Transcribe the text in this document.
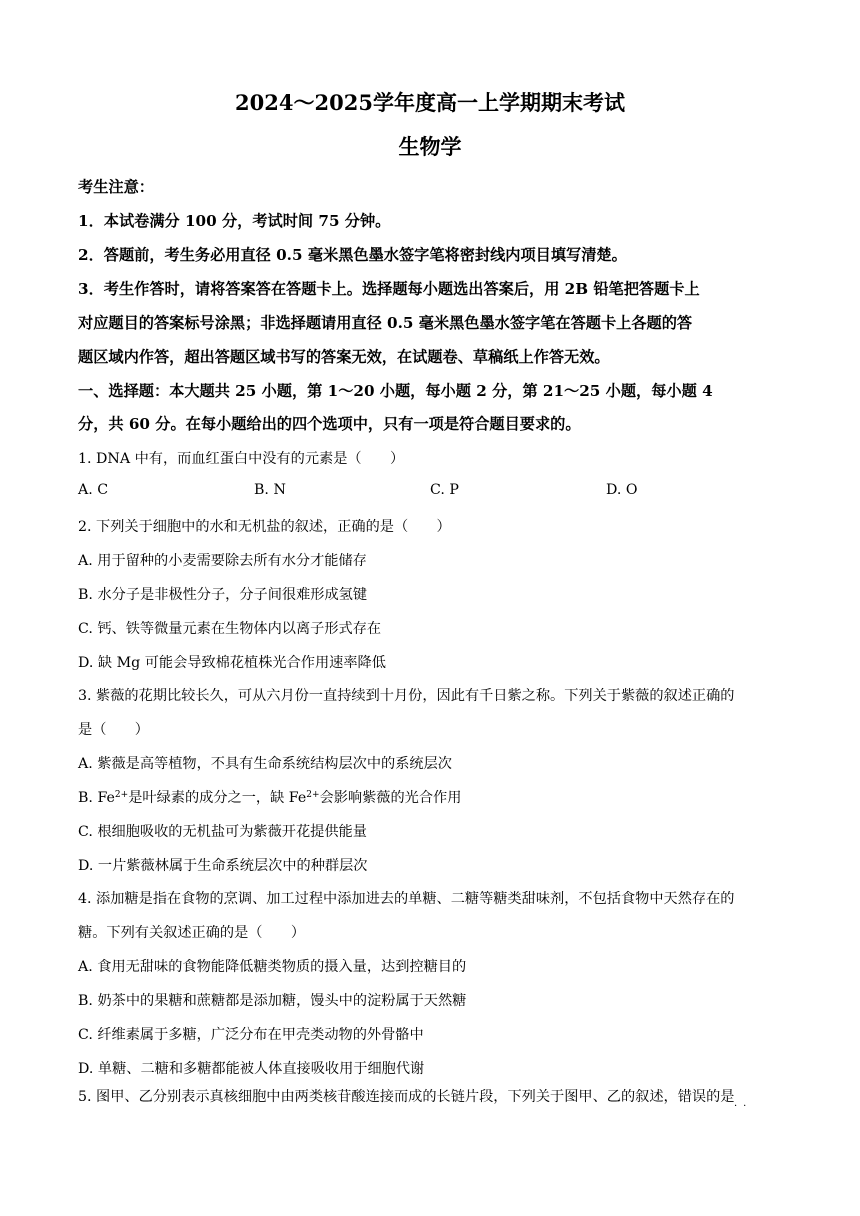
2024～2025学年度高一上学期期末考试
生物学
考生注意：
1．本试卷满分 100 分，考试时间 75 分钟。
2．答题前，考生务必用直径 0.5 毫米黑色墨水签字笔将密封线内项目填写清楚。
3．考生作答时，请将答案答在答题卡上。选择题每小题选出答案后，用 2B 铅笔把答题卡上
对应题目的答案标号涂黑；非选择题请用直径 0.5 毫米黑色墨水签字笔在答题卡上各题的答
题区域内作答，超出答题区域书写的答案无效，在试题卷、草稿纸上作答无效。
一、选择题：本大题共 25 小题，第 1～20 小题，每小题 2 分，第 21～25 小题，每小题 4
分，共 60 分。在每小题给出的四个选项中，只有一项是符合题目要求的。
1. DNA 中有，而血红蛋白中没有的元素是（　　）
A. C	B. N	C. P	D. O
2. 下列关于细胞中的水和无机盐的叙述，正确的是（　　）
A. 用于留种的小麦需要除去所有水分才能储存
B. 水分子是非极性分子，分子间很难形成氢键
C. 钙、铁等微量元素在生物体内以离子形式存在
D. 缺 Mg 可能会导致棉花植株光合作用速率降低
3. 紫薇的花期比较长久，可从六月份一直持续到十月份，因此有千日紫之称。下列关于紫薇的叙述正确的
是（　　）
A. 紫薇是高等植物，不具有生命系统结构层次中的系统层次
B. $Fe^{2+}$是叶绿素的成分之一，缺 $Fe^{2+}$会影响紫薇的光合作用
C. 根细胞吸收的无机盐可为紫薇开花提供能量
D. 一片紫薇林属于生命系统层次中的种群层次
4. 添加糖是指在食物的烹调、加工过程中添加进去的单糖、二糖等糖类甜味剂，不包括食物中天然存在的
糖。下列有关叙述正确的是（　　）
A. 食用无甜味的食物能降低糖类物质的摄入量，达到控糖目的
B. 奶茶中的果糖和蔗糖都是添加糖，馒头中的淀粉属于天然糖
C. 纤维素属于多糖，广泛分布在甲壳类动物的外骨骼中
D. 单糖、二糖和多糖都能被人体直接吸收用于细胞代谢
5. 图甲、乙分别表示真核细胞中由两类核苷酸连接而成的长链片段，下列关于图甲、乙的叙述，错误的是
··
